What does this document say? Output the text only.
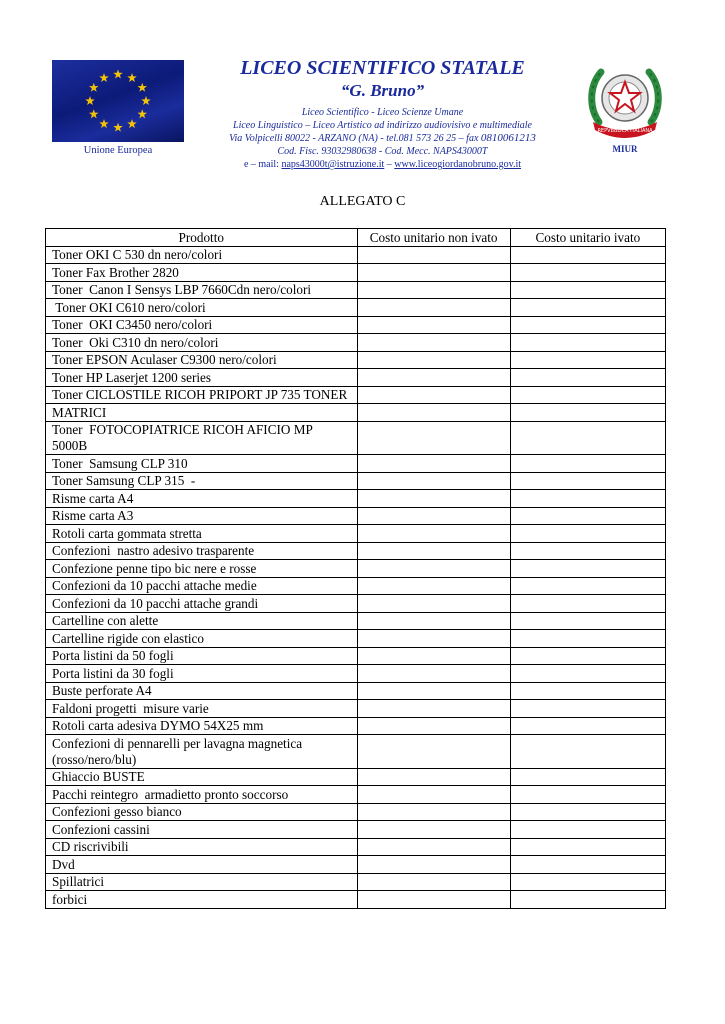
Unione Europea
LICEO SCIENTIFICO STATALE
“G. Bruno”
Liceo Scientifico - Liceo Scienze Umane
Liceo Linguistico – Liceo Artistico ad indirizzo audiovisivo e multimediale
Via Volpicelli 80022 - ARZANO (NA) - tel.081 573 26 25 – fax 0810061213
Cod. Fisc. 93032980638 - Cod. Mecc. NAPS43000T
e – mail: naps43000t@istruzione.it – www.liceogiordanobruno.gov.it
REPVBBLICA ITALIANA
MIUR
ALLEGATO C
Prodotto	Costo unitario non ivato	Costo unitario ivato
Toner OKI C 530 dn nero/colori		
Toner Fax Brother 2820		
Toner  Canon I Sensys LBP 7660Cdn nero/colori		
Toner OKI C610 nero/colori		
Toner  OKI C3450 nero/colori		
Toner  Oki C310 dn nero/colori		
Toner EPSON Aculaser C9300 nero/colori		
Toner HP Laserjet 1200 series		
Toner CICLOSTILE RICOH PRIPORT JP 735 TONER		
MATRICI		
Toner  FOTOCOPIATRICE RICOH AFICIO MP 5000B		
Toner  Samsung CLP 310		
Toner Samsung CLP 315  -		
Risme carta A4		
Risme carta A3		
Rotoli carta gommata stretta		
Confezioni  nastro adesivo trasparente		
Confezione penne tipo bic nere e rosse		
Confezioni da 10 pacchi attache medie		
Confezioni da 10 pacchi attache grandi		
Cartelline con alette		
Cartelline rigide con elastico		
Porta listini da 50 fogli		
Porta listini da 30 fogli		
Buste perforate A4		
Faldoni progetti  misure varie		
Rotoli carta adesiva DYMO 54X25 mm		
Confezioni di pennarelli per lavagna magnetica (rosso/nero/blu)		
Ghiaccio BUSTE		
Pacchi reintegro  armadietto pronto soccorso		
Confezioni gesso bianco		
Confezioni cassini		
CD riscrivibili		
Dvd		
Spillatrici		
forbici		
